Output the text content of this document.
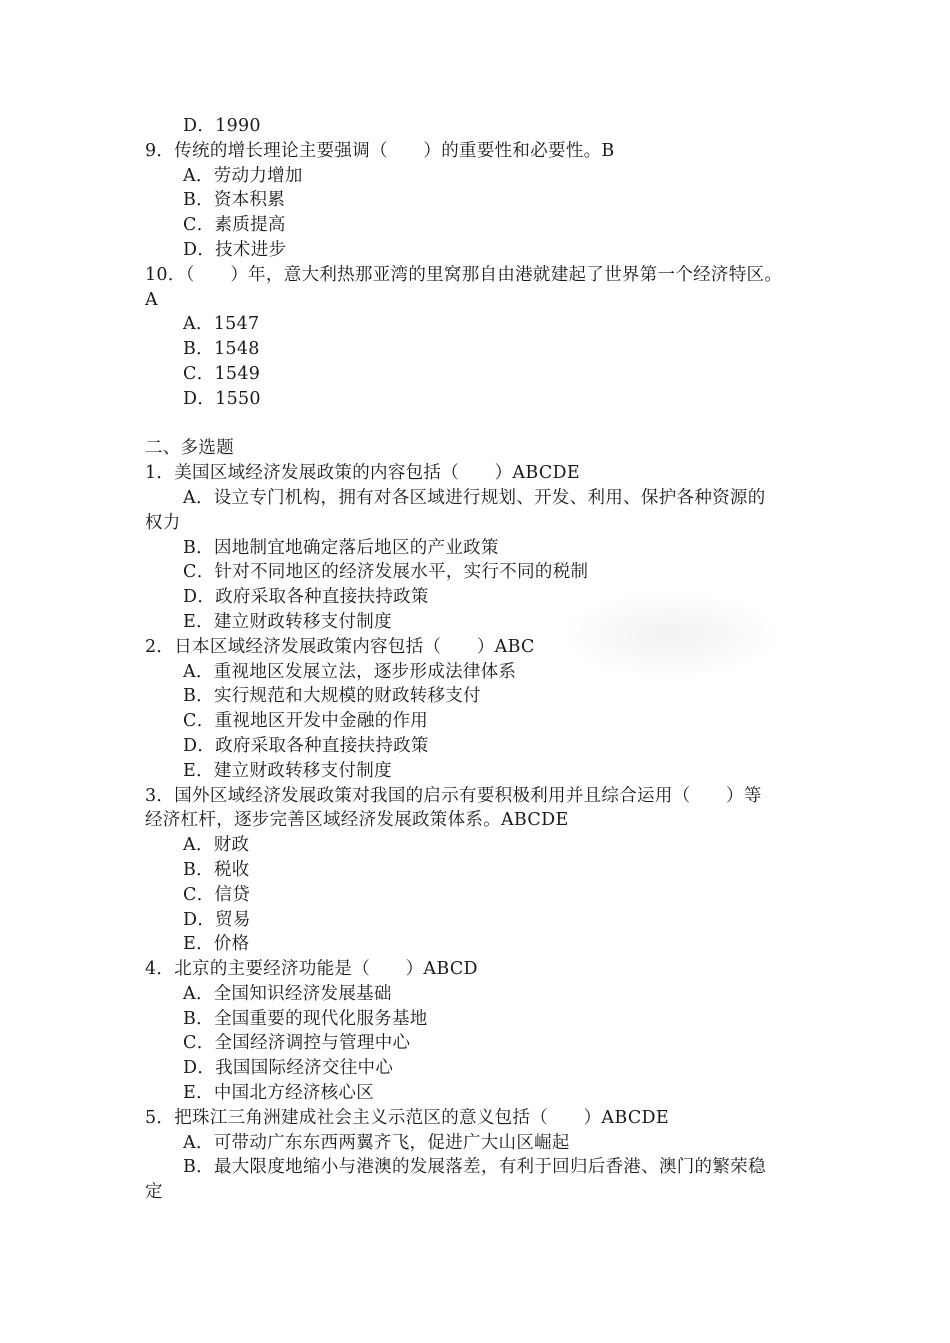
D．1990
9．传统的增长理论主要强调（　　）的重要性和必要性。B
A．劳动力增加
B．资本积累
C．素质提高
D．技术进步
10．（　　）年，意大利热那亚湾的里窝那自由港就建起了世界第一个经济特区。
A
A．1547
B．1548
C．1549
D．1550
二、多选题
1．美国区域经济发展政策的内容包括（　　）ABCDE
A．设立专门机构，拥有对各区域进行规划、开发、利用、保护各种资源的
权力
B．因地制宜地确定落后地区的产业政策
C．针对不同地区的经济发展水平，实行不同的税制
D．政府采取各种直接扶持政策
E．建立财政转移支付制度
2．日本区域经济发展政策内容包括（　　）ABC
A．重视地区发展立法，逐步形成法律体系
B．实行规范和大规模的财政转移支付
C．重视地区开发中金融的作用
D．政府采取各种直接扶持政策
E．建立财政转移支付制度
3．国外区域经济发展政策对我国的启示有要积极利用并且综合运用（　　）等
经济杠杆，逐步完善区域经济发展政策体系。ABCDE
A．财政
B．税收
C．信贷
D．贸易
E．价格
4．北京的主要经济功能是（　　）ABCD
A．全国知识经济发展基础
B．全国重要的现代化服务基地
C．全国经济调控与管理中心
D．我国国际经济交往中心
E．中国北方经济核心区
5．把珠江三角洲建成社会主义示范区的意义包括（　　）ABCDE
A．可带动广东东西两翼齐飞，促进广大山区崛起
B．最大限度地缩小与港澳的发展落差，有利于回归后香港、澳门的繁荣稳
定
